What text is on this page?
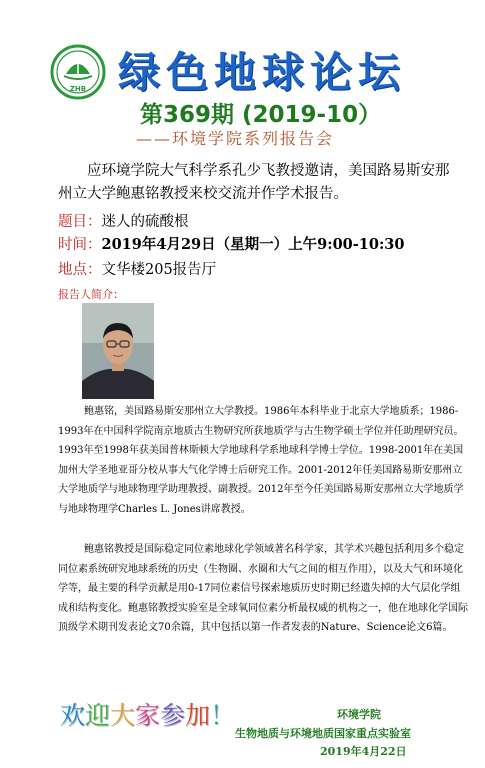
ZHB 绿色地球论坛
第369期 (2019-10）
——环境学院系列报告会
应环境学院大气科学系孔少飞教授邀请，美国路易斯安那州立大学鲍惠铭教授来校交流并作学术报告。
题目：迷人的硫酸根
时间：2019年4月29日（星期一）上午9:00-10:30
地点：文华楼205报告厅
报告人简介：
鲍惠铭，美国路易斯安那州立大学教授。1986年本科毕业于北京大学地质系；1986-1993年在中国科学院南京地质古生物研究所获地质学与古生物学硕士学位并任助理研究员。1993年至1998年获美国普林斯顿大学地球科学系地球科学博士学位。1998-2001年在美国加州大学圣地亚哥分校从事大气化学博士后研究工作。2001-2012年任美国路易斯安那州立大学地质学与地球物理学助理教授、副教授。2012年至今任美国路易斯安那州立大学地质学与地球物理学Charles L. Jones讲席教授。
鲍惠铭教授是国际稳定同位素地球化学领域著名科学家，其学术兴趣包括利用多个稳定同位素系统研究地球系统的历史（生物圈、水圈和大气之间的相互作用），以及大气和环境化学等，最主要的科学贡献是用0-17同位素信号探索地质历史时期已经遗失掉的大气层化学组成和结构变化。鲍惠铭教授实验室是全球氧同位素分析最权威的机构之一，他在地球化学国际顶级学术期刊发表论文70余篇，其中包括以第一作者发表的Nature、Science论文6篇。
欢迎大家参加！	环境学院
生物地质与环境地质国家重点实验室
2019年4月22日
